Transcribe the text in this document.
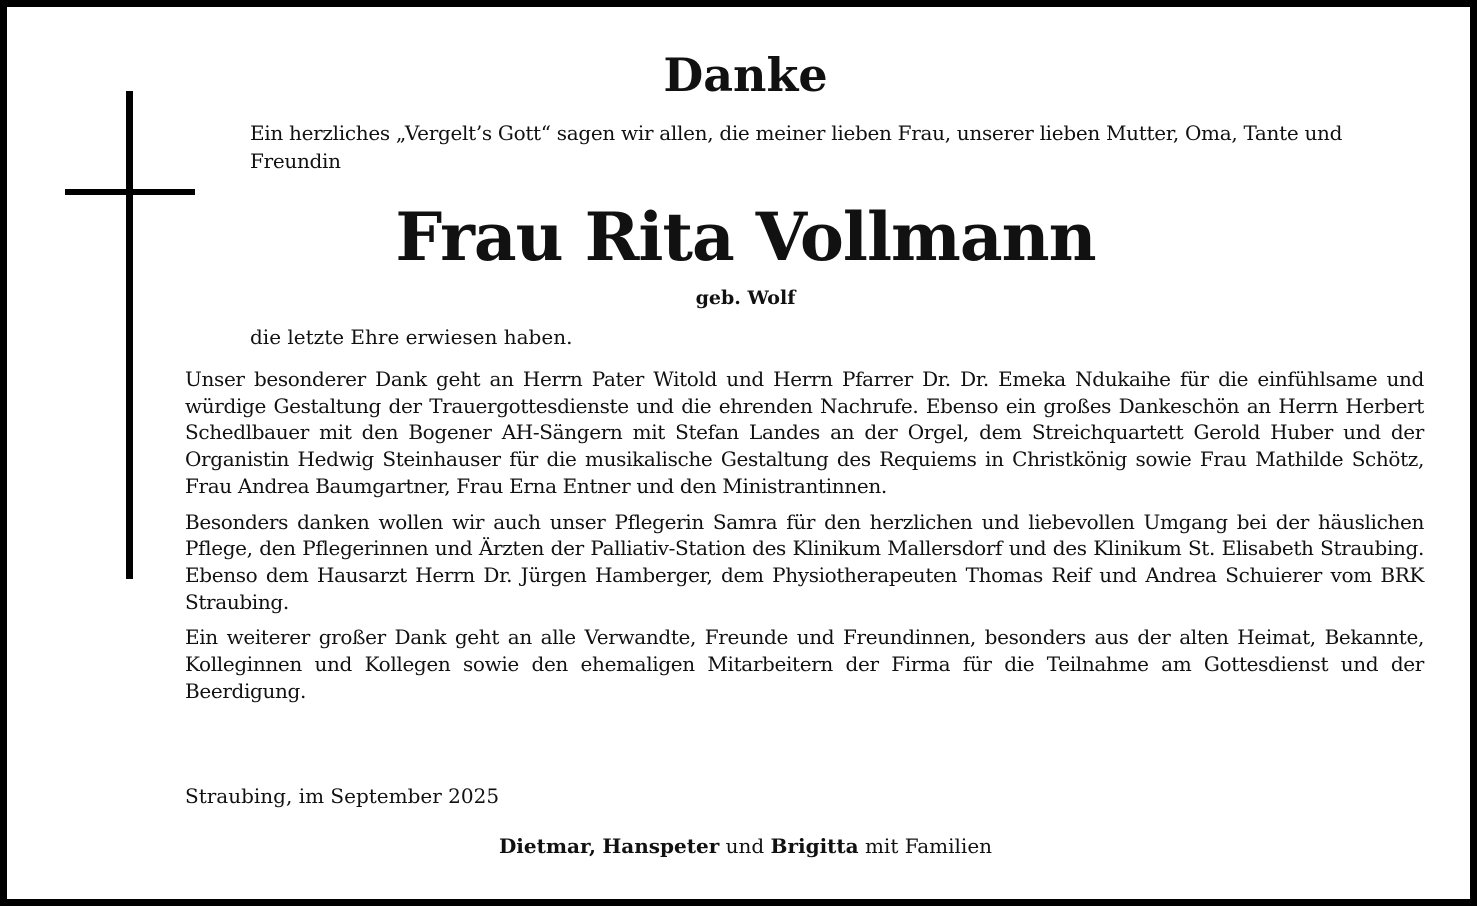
Danke
Ein herzliches „Vergelt’s Gott“ sagen wir allen, die meiner lieben Frau, unserer lieben Mutter, Oma, Tante und Freundin
Frau Rita Vollmann
geb. Wolf
die letzte Ehre erwiesen haben.

Unser besonderer Dank geht an Herrn Pater Witold und Herrn Pfarrer Dr. Dr. Emeka Ndukaihe für die einfühlsame und würdige Gestaltung der Trauergottesdienste und die ehrenden Nachrufe. Ebenso ein großes Dankeschön an Herrn Herbert Schedlbauer mit den Bogener AH-Sängern mit Stefan Landes an der Orgel, dem Streichquartett Gerold Huber und der Organistin Hedwig Steinhauser für die musikalische Gestaltung des Requiems in Christkönig sowie Frau Mathilde Schötz, Frau Andrea Baumgartner, Frau Erna Entner und den Ministrantinnen.

Besonders danken wollen wir auch unser Pflegerin Samra für den herzlichen und liebevollen Umgang bei der häuslichen Pflege, den Pflegerinnen und Ärzten der Palliativ-Station des Klinikum Mallersdorf und des Klinikum St. Elisabeth Straubing. Ebenso dem Hausarzt Herrn Dr. Jürgen Hamberger, dem Physiotherapeuten Thomas Reif und Andrea Schuierer vom BRK Straubing.

Ein weiterer großer Dank geht an alle Verwandte, Freunde und Freundinnen, besonders aus der alten Heimat, Bekannte, Kolleginnen und Kollegen sowie den ehemaligen Mitarbeitern der Firma für die Teilnahme am Gottesdienst und der Beerdigung.

Straubing, im September 2025
Dietmar, Hanspeter und Brigitta mit Familien
